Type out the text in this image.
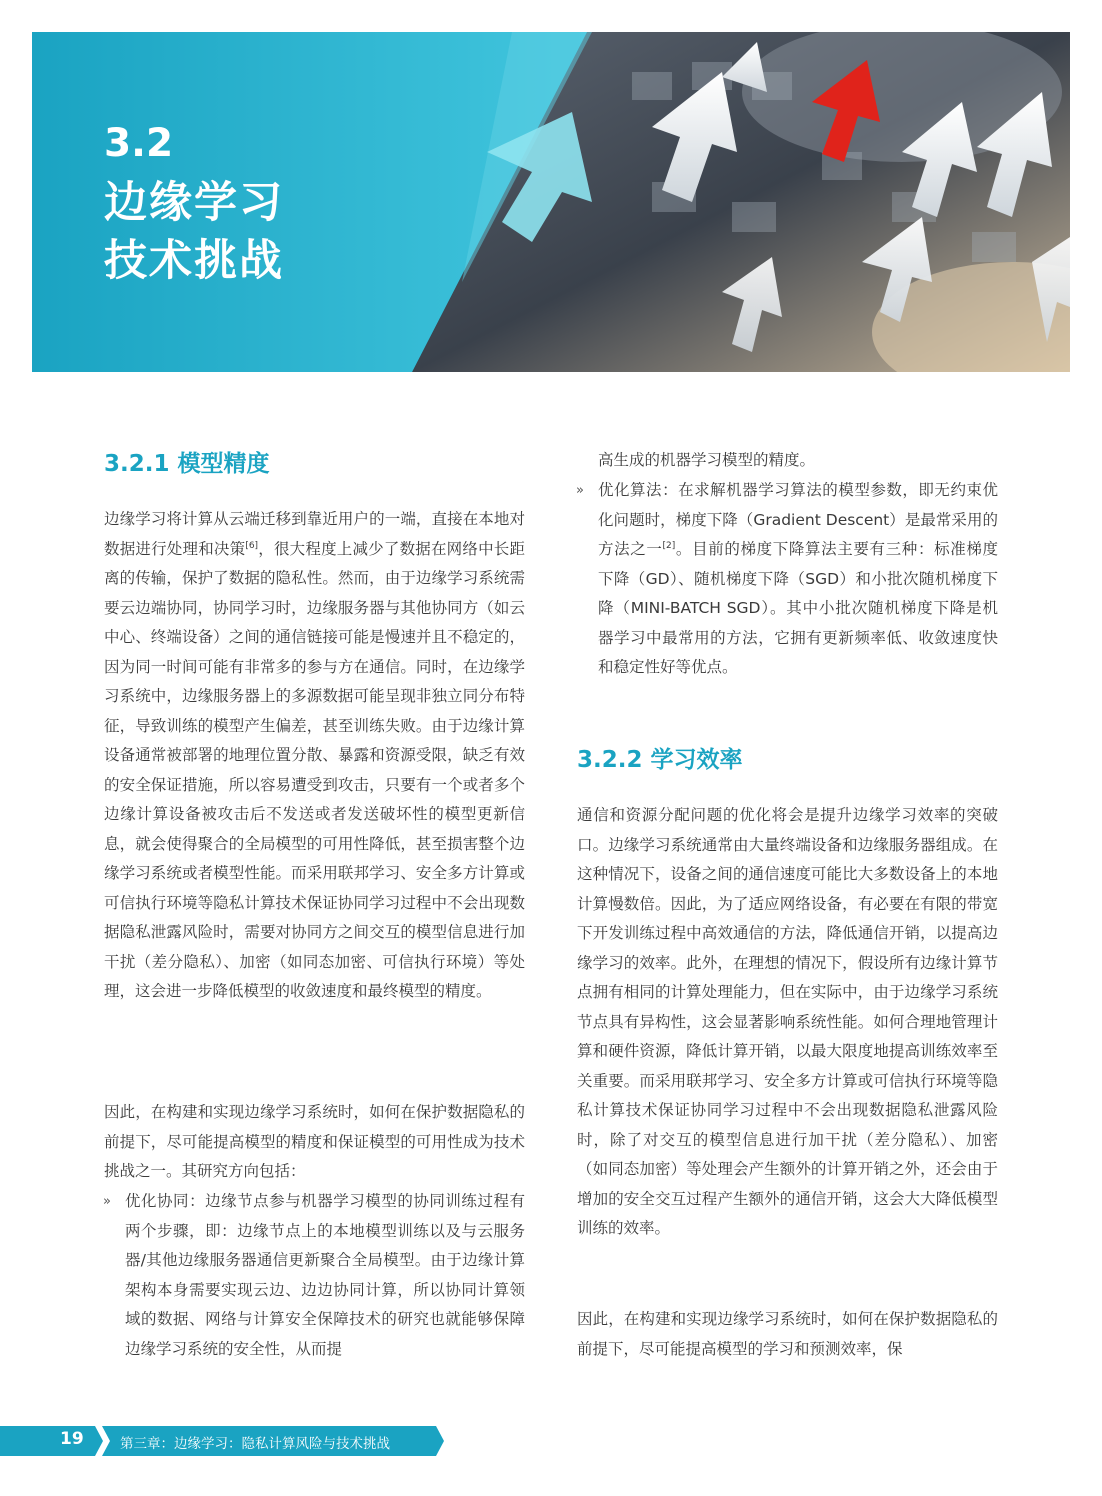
3.2
边缘学习
技术挑战
3.2.1 模型精度

边缘学习将计算从云端迁移到靠近用户的一端，直接在本地对数据进行处理和决策[6]，很大程度上减少了数据在网络中长距离的传输，保护了数据的隐私性。然而，由于边缘学习系统需要云边端协同，协同学习时，边缘服务器与其他协同方（如云中心、终端设备）之间的通信链接可能是慢速并且不稳定的，因为同一时间可能有非常多的参与方在通信。同时，在边缘学习系统中，边缘服务器上的多源数据可能呈现非独立同分布特征，导致训练的模型产生偏差，甚至训练失败。由于边缘计算设备通常被部署的地理位置分散、暴露和资源受限，缺乏有效的安全保证措施，所以容易遭受到攻击，只要有一个或者多个边缘计算设备被攻击后不发送或者发送破坏性的模型更新信息，就会使得聚合的全局模型的可用性降低，甚至损害整个边缘学习系统或者模型性能。而采用联邦学习、安全多方计算或可信执行环境等隐私计算技术保证协同学习过程中不会出现数据隐私泄露风险时，需要对协同方之间交互的模型信息进行加干扰（差分隐私）、加密（如同态加密、可信执行环境）等处理，这会进一步降低模型的收敛速度和最终模型的精度。

因此，在构建和实现边缘学习系统时，如何在保护数据隐私的前提下，尽可能提高模型的精度和保证模型的可用性成为技术挑战之一。其研究方向包括：
» 优化协同：边缘节点参与机器学习模型的协同训练过程有两个步骤，即：边缘节点上的本地模型训练以及与云服务器/其他边缘服务器通信更新聚合全局模型。由于边缘计算架构本身需要实现云边、边边协同计算，所以协同计算领域的数据、网络与计算安全保障技术的研究也就能够保障边缘学习系统的安全性，从而提
高生成的机器学习模型的精度。
» 优化算法：在求解机器学习算法的模型参数，即无约束优化问题时，梯度下降（Gradient Descent）是最常采用的方法之一[2]。目前的梯度下降算法主要有三种：标准梯度下降（GD）、随机梯度下降（SGD）和小批次随机梯度下降（MINI-BATCH SGD）。其中小批次随机梯度下降是机器学习中最常用的方法，它拥有更新频率低、收敛速度快和稳定性好等优点。
3.2.2 学习效率
通信和资源分配问题的优化将会是提升边缘学习效率的突破口。边缘学习系统通常由大量终端设备和边缘服务器组成。在这种情况下，设备之间的通信速度可能比大多数设备上的本地计算慢数倍。因此，为了适应网络设备，有必要在有限的带宽下开发训练过程中高效通信的方法，降低通信开销，以提高边缘学习的效率。此外，在理想的情况下，假设所有边缘计算节点拥有相同的计算处理能力，但在实际中，由于边缘学习系统节点具有异构性，这会显著影响系统性能。如何合理地管理计算和硬件资源，降低计算开销，以最大限度地提高训练效率至关重要。而采用联邦学习、安全多方计算或可信执行环境等隐私计算技术保证协同学习过程中不会出现数据隐私泄露风险时，除了对交互的模型信息进行加干扰（差分隐私）、加密（如同态加密）等处理会产生额外的计算开销之外，还会由于增加的安全交互过程产生额外的通信开销，这会大大降低模型训练的效率。
因此，在构建和实现边缘学习系统时，如何在保护数据隐私的前提下，尽可能提高模型的学习和预测效率，保
19	第三章：边缘学习：隐私计算风险与技术挑战
